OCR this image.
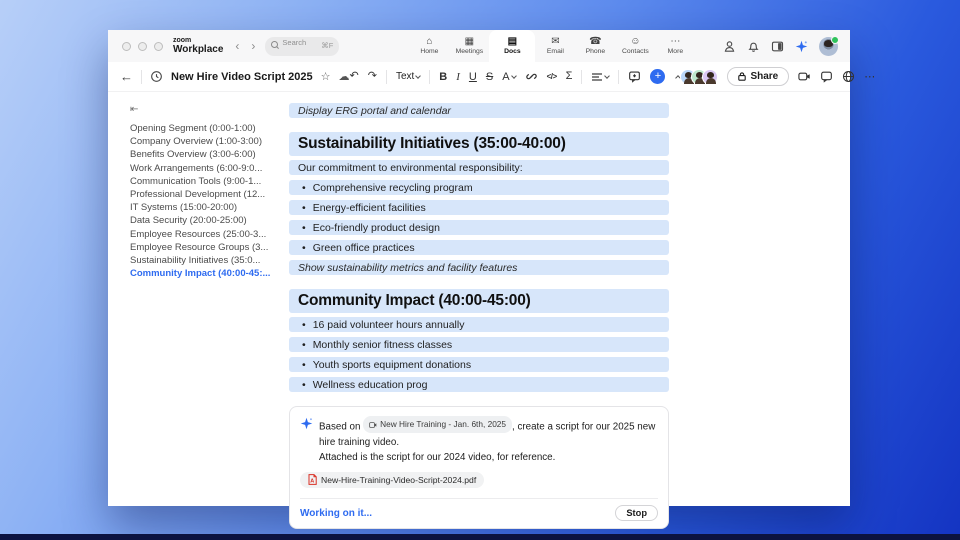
zoom
Workplace ‹ ›	Search ⌘F	⌂
Home
▦
Meetings
▤
Docs
✉
Email
☎
Phone
☺
Contacts
⋯
More
←	New Hire Video Script 2025 ☆ ☁ ↶ ↷ Text B I U S A	</> Σ	+	Share	⋯
⇤
Opening Segment (0:00-1:00)
Company Overview (1:00-3:00)
Benefits Overview (3:00-6:00)
Work Arrangements (6:00-9:0...
Communication Tools (9:00-1...
Professional Development (12...
IT Systems (15:00-20:00)
Data Security (20:00-25:00)
Employee Resources (25:00-3...
Employee Resource Groups (3...
Sustainability Initiatives (35:0...
Community Impact (40:00-45:...
Display ERG portal and calendar
Sustainability Initiatives (35:00-40:00)
Our commitment to environmental responsibility:
• Comprehensive recycling program
• Energy-efficient facilities
• Eco-friendly product design
• Green office practices
Show sustainability metrics and facility features
Community Impact (40:00-45:00)
• 16 paid volunteer hours annually
• Monthly senior fitness classes
• Youth sports equipment donations
• Wellness education prog
Based on New Hire Training - Jan. 6th, 2025 , create a script for our 2025 new hire training video.
Attached is the script for our 2024 video, for reference.
A New-Hire-Training-Video-Script-2024.pdf
Working on it...	Stop
